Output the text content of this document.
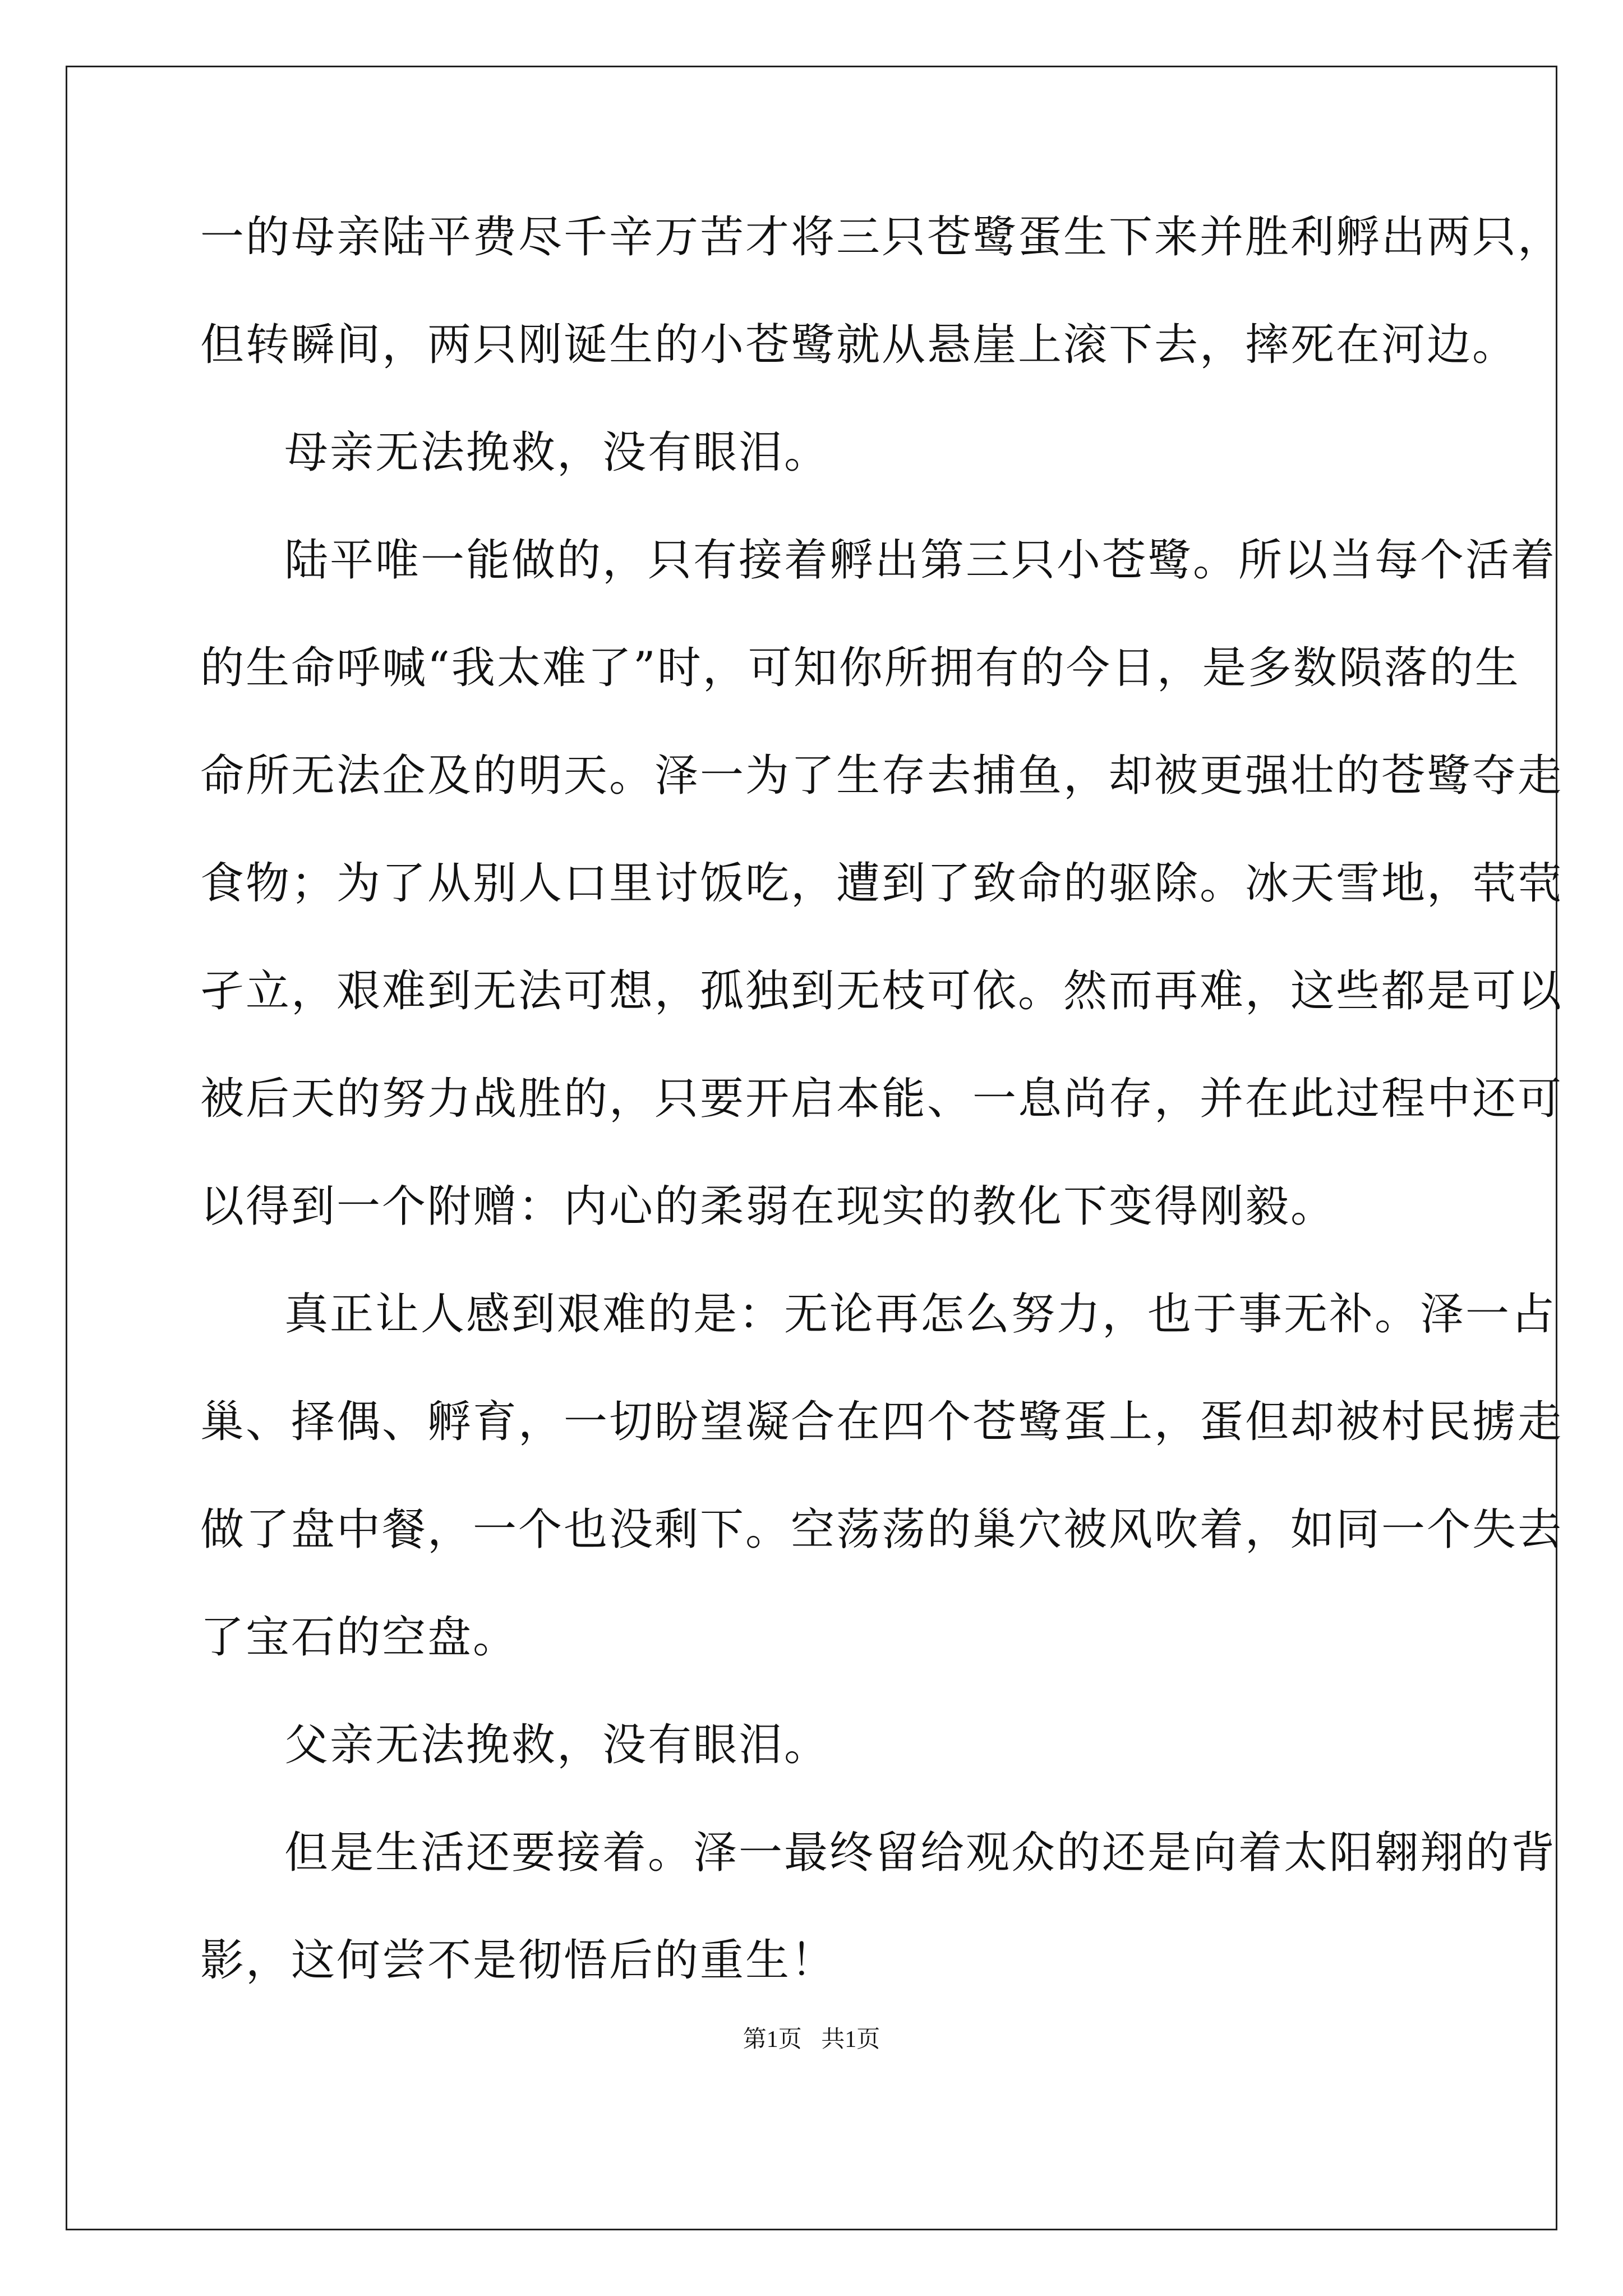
一的母亲陆平费尽千辛万苦才将三只苍鹭蛋生下来并胜利孵出两只，
但转瞬间，两只刚诞生的小苍鹭就从悬崖上滚下去，摔死在河边。
母亲无法挽救，没有眼泪。
陆平唯一能做的，只有接着孵出第三只小苍鹭。所以当每个活着
的生命呼喊“我太难了”时，可知你所拥有的今日，是多数陨落的生
命所无法企及的明天。泽一为了生存去捕鱼，却被更强壮的苍鹭夺走
食物；为了从别人口里讨饭吃，遭到了致命的驱除。冰天雪地，茕茕
孑立，艰难到无法可想，孤独到无枝可依。然而再难，这些都是可以
被后天的努力战胜的，只要开启本能、一息尚存，并在此过程中还可
以得到一个附赠：内心的柔弱在现实的教化下变得刚毅。
真正让人感到艰难的是：无论再怎么努力，也于事无补。泽一占
巢、择偶、孵育，一切盼望凝合在四个苍鹭蛋上，蛋但却被村民掳走
做了盘中餐，一个也没剩下。空荡荡的巢穴被风吹着，如同一个失去
了宝石的空盘。
父亲无法挽救，没有眼泪。
但是生活还要接着。泽一最终留给观众的还是向着太阳翱翔的背
影，这何尝不是彻悟后的重生！
第1页 共1页
